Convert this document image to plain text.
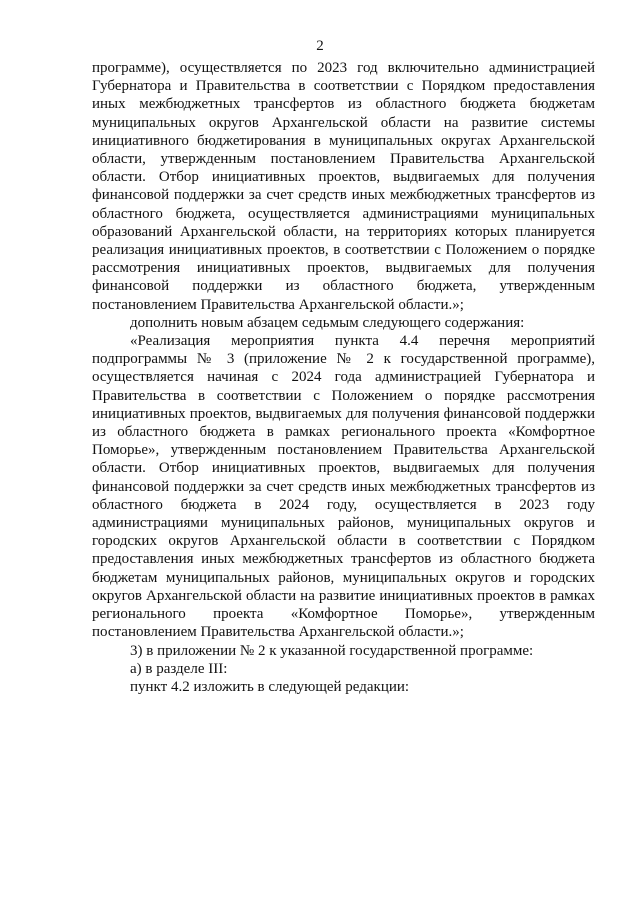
2

программе), осуществляется по 2023 год включительно администрацией Губернатора и Правительства в соответствии с Порядком предоставления иных межбюджетных трансфертов из областного бюджета бюджетам муниципальных округов Архангельской области на развитие системы инициативного бюджетирования в муниципальных округах Архангельской области, утвержденным постановлением Правительства Архангельской области. Отбор инициативных проектов, выдвигаемых для получения финансовой поддержки за счет средств иных межбюджетных трансфертов из областного бюджета, осуществляется администрациями муниципальных образований Архангельской области, на территориях которых планируется реализация инициативных проектов, в соответствии с Положением о порядке рассмотрения инициативных проектов, выдвигаемых для получения финансовой поддержки из областного бюджета, утвержденным постановлением Правительства Архангельской области.»;

дополнить новым абзацем седьмым следующего содержания:

«Реализация мероприятия пункта 4.4 перечня мероприятий подпрограммы № 3 (приложение № 2 к государственной программе), осуществляется начиная с 2024 года администрацией Губернатора и Правительства в соответствии с Положением о порядке рассмотрения инициативных проектов, выдвигаемых для получения финансовой поддержки из областного бюджета в рамках регионального проекта «Комфортное Поморье», утвержденным постановлением Правительства Архангельской области. Отбор инициативных проектов, выдвигаемых для получения финансовой поддержки за счет средств иных межбюджетных трансфертов из областного бюджета в 2024 году, осуществляется в 2023 году администрациями муниципальных районов, муниципальных округов и городских округов Архангельской области в соответствии с Порядком предоставления иных межбюджетных трансфертов из областного бюджета бюджетам муниципальных районов, муниципальных округов и городских округов Архангельской области на развитие инициативных проектов в рамках регионального проекта «Комфортное Поморье», утвержденным постановлением Правительства Архангельской области.»;

3) в приложении № 2 к указанной государственной программе:

а) в разделе III:

пункт 4.2 изложить в следующей редакции:
